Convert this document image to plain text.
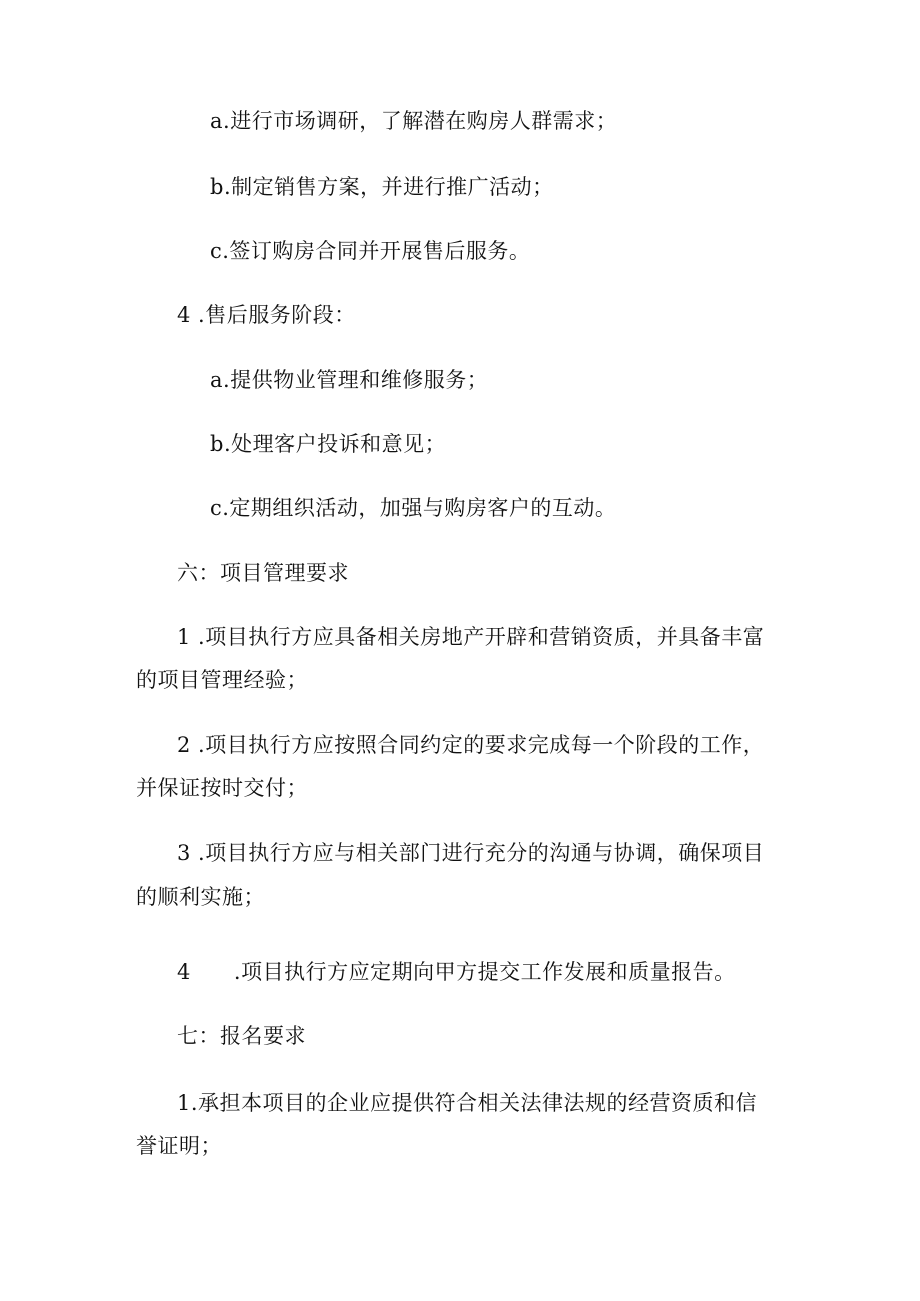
a.进行市场调研，了解潜在购房人群需求；

b.制定销售方案，并进行推广活动；

c.签订购房合同并开展售后服务。

4 .售后服务阶段：

a.提供物业管理和维修服务；

b.处理客户投诉和意见；

c.定期组织活动，加强与购房客户的互动。

六：项目管理要求

1 .项目执行方应具备相关房地产开辟和营销资质，并具备丰富

的项目管理经验；

2 .项目执行方应按照合同约定的要求完成每一个阶段的工作，

并保证按时交付；

3 .项目执行方应与相关部门进行充分的沟通与协调，确保项目

的顺利实施；

4      .项目执行方应定期向甲方提交工作发展和质量报告。

七：报名要求

1.承担本项目的企业应提供符合相关法律法规的经营资质和信

誉证明；
